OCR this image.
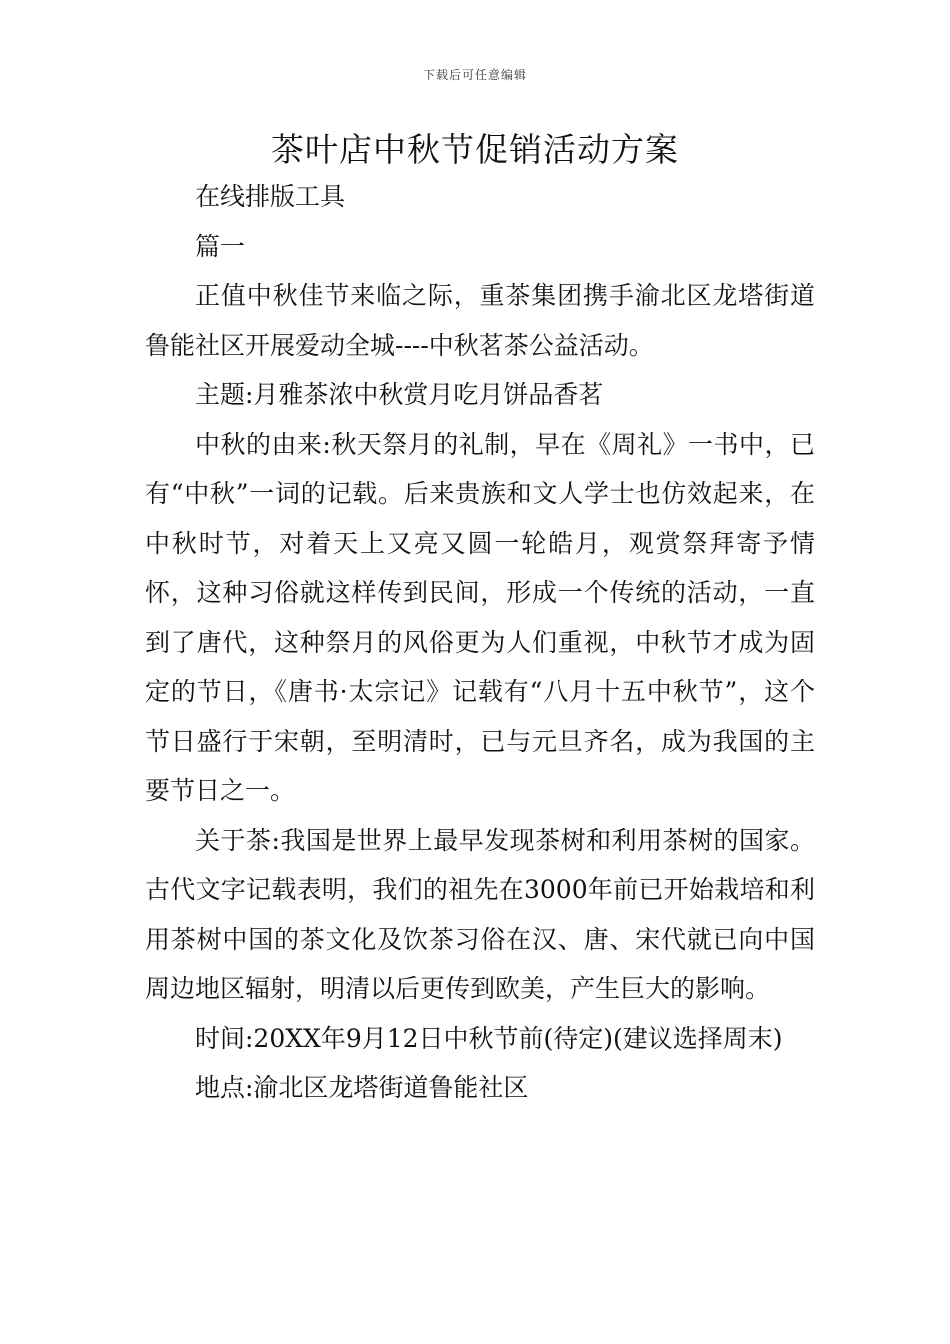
下载后可任意编辑
茶叶店中秋节促销活动方案

在线排版工具

篇一

正值中秋佳节来临之际，重茶集团携手渝北区龙塔街道鲁能社区开展爱动全城----中秋茗茶公益活动。

主题:月雅茶浓中秋赏月吃月饼品香茗

中秋的由来:秋天祭月的礼制，早在《周礼》一书中，已有“中秋”一词的记载。后来贵族和文人学士也仿效起来，在中秋时节，对着天上又亮又圆一轮皓月，观赏祭拜寄予情怀，这种习俗就这样传到民间，形成一个传统的活动，一直到了唐代，这种祭月的风俗更为人们重视，中秋节才成为固定的节日，《唐书·太宗记》记载有“八月十五中秋节”，这个节日盛行于宋朝，至明清时，已与元旦齐名，成为我国的主要节日之一。

关于茶:我国是世界上最早发现茶树和利用茶树的国家。古代文字记载表明，我们的祖先在3000年前已开始栽培和利用茶树中国的茶文化及饮茶习俗在汉、唐、宋代就已向中国周边地区辐射，明清以后更传到欧美，产生巨大的影响。

时间:20XX年9月12日中秋节前(待定)(建议选择周末)

地点:渝北区龙塔街道鲁能社区
